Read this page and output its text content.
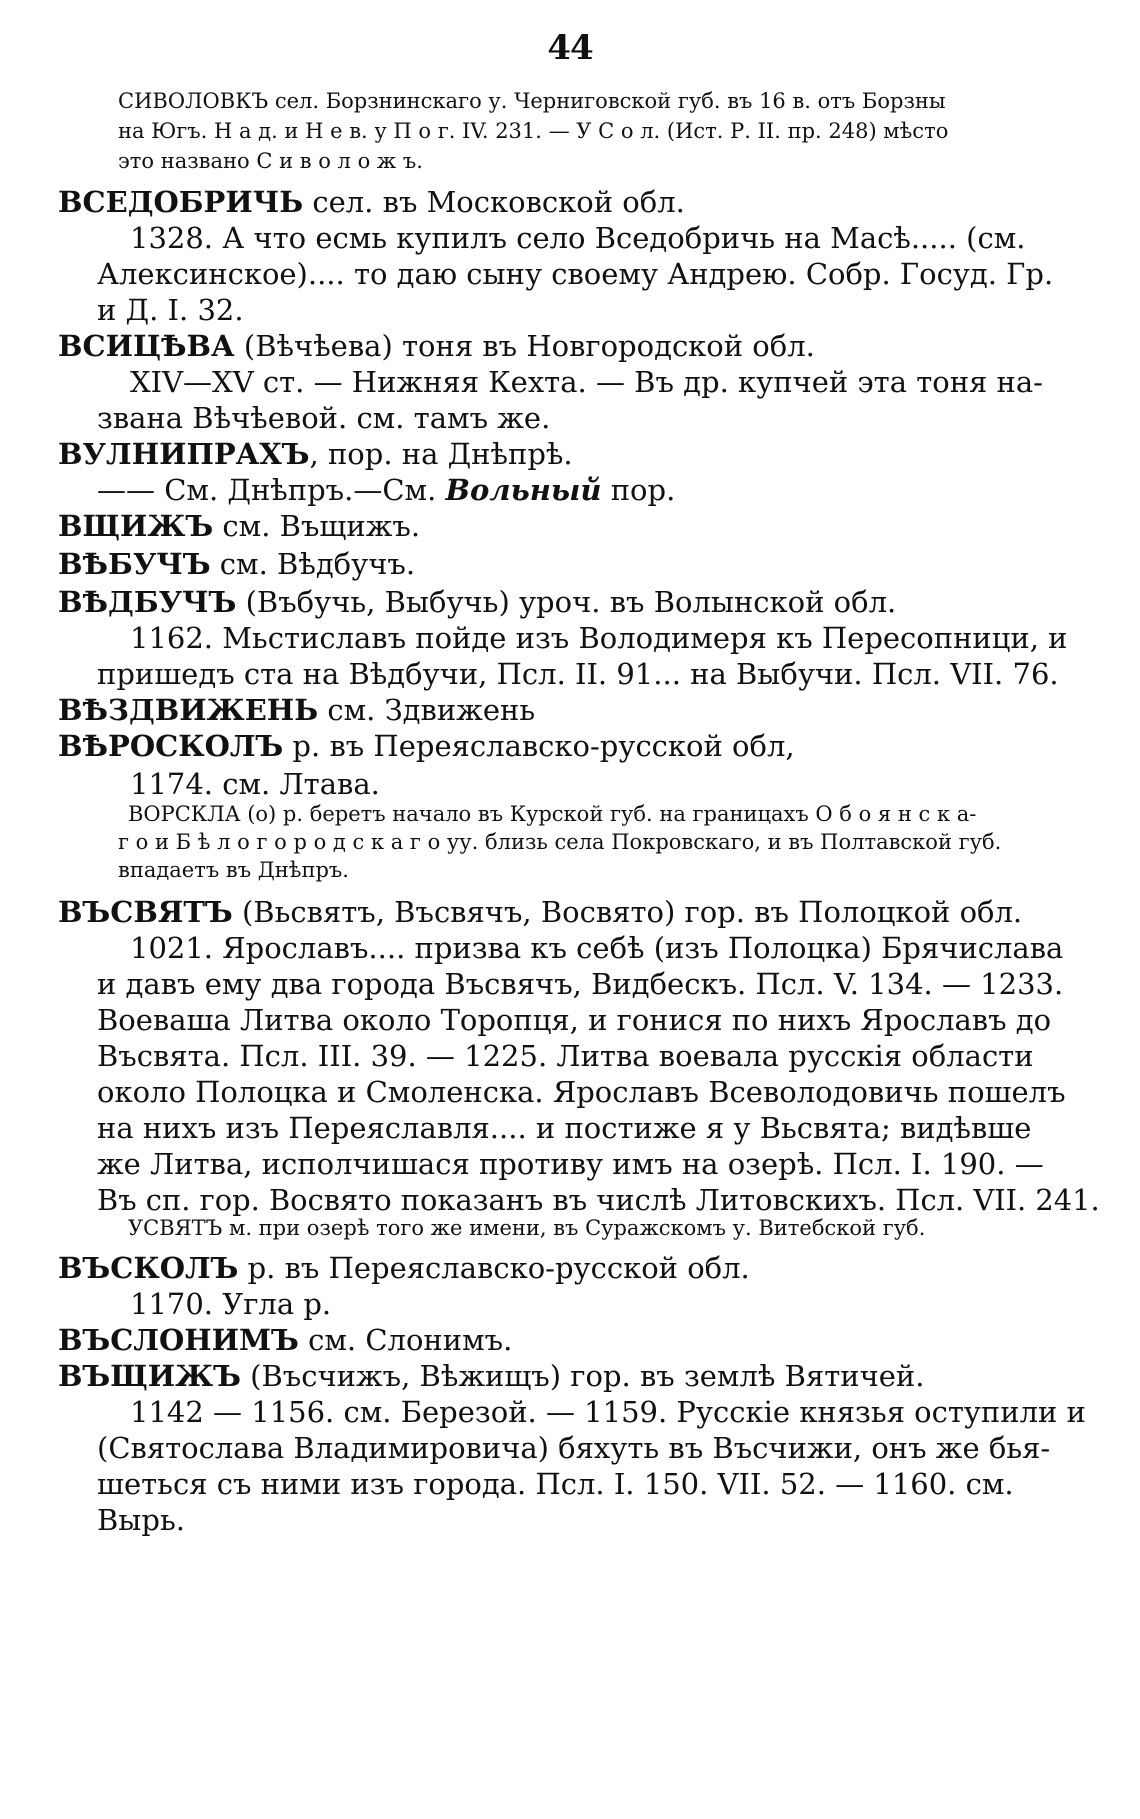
44
СИВОЛОВКЪ сел. Борзнинскаго у. Черниговской губ. въ 16 в. отъ Борзны
на Югъ. Н а д. и Н е в. у П о г. IV. 231. — У С о л. (Ист. Р. II. пр. 248) мѣсто
это названо С и в о л о ж ъ.
ВСЕДОБРИЧЬ сел. въ Московской обл.
1328. А что есмь купилъ село Вседобричь на Масѣ..... (см.
Алексинское).... то даю сыну своему Андрею. Собр. Госуд. Гр.
и Д. I. 32.
ВСИЦѢВА (Вѣчѣева) тоня въ Новгородской обл.
XIV—XV ст. — Нижняя Кехта. — Въ др. купчей эта тоня на-
звана Вѣчѣевой. см. тамъ же.
ВУЛНИПРАХЪ, пор. на Днѣпрѣ.
—— См. Днѣпръ.—См. Вольный пор.
ВЩИЖЪ см. Въщижъ.
ВѢБУЧЪ см. Вѣдбучъ.
ВѢДБУЧЪ (Въбучь, Выбучь) уроч. въ Волынской обл.
1162. Мьстиславъ пойде изъ Володимеря къ Пересопници, и
пришедъ ста на Вѣдбучи, Псл. II. 91... на Выбучи. Псл. VII. 76.
ВѢЗДВИЖЕНЬ см. Здвижень
ВѢРОСКОЛЪ р. въ Переяславско-русской обл,
1174. см. Лтава.
ВОРСКЛА (о) р. беретъ начало въ Курской губ. на границахъ О б о я н с к а-
г о и Б ѣ л о г о р о д с к а г о уу. близь села Покровскаго, и въ Полтавской губ.
впадаетъ въ Днѣпръ.
ВЪСВЯТЪ (Вьсвятъ, Въсвячъ, Восвято) гор. въ Полоцкой обл.
1021. Ярославъ.... призва къ себѣ (изъ Полоцка) Брячислава
и давъ ему два города Въсвячъ, Видбескъ. Псл. V. 134. — 1233.
Воеваша Литва около Торопця, и гонися по нихъ Ярославъ до
Въсвята. Псл. III. 39. — 1225. Литва воевала русскія области
около Полоцка и Смоленска. Ярославъ Всеволодовичь пошелъ
на нихъ изъ Переяславля.... и постиже я у Вьсвята; видѣвше
же Литва, исполчишася противу имъ на озерѣ. Псл. I. 190. —
Въ сп. гор. Восвято показанъ въ числѣ Литовскихъ. Псл. VII. 241.
УСВЯТЪ м. при озерѣ того же имени, въ Суражскомъ у. Витебской губ.
ВЪСКОЛЪ р. въ Переяславско-русской обл.
1170. Угла р.
ВЪСЛОНИМЪ см. Слонимъ.
ВЪЩИЖЪ (Въсчижъ, Вѣжищъ) гор. въ землѣ Вятичей.
1142 — 1156. см. Березой. — 1159. Русскіе князья оступили и
(Святослава Владимировича) бяхуть въ Въсчижи, онъ же бья-
шеться съ ними изъ города. Псл. I. 150. VII. 52. — 1160. см.
Вырь.
